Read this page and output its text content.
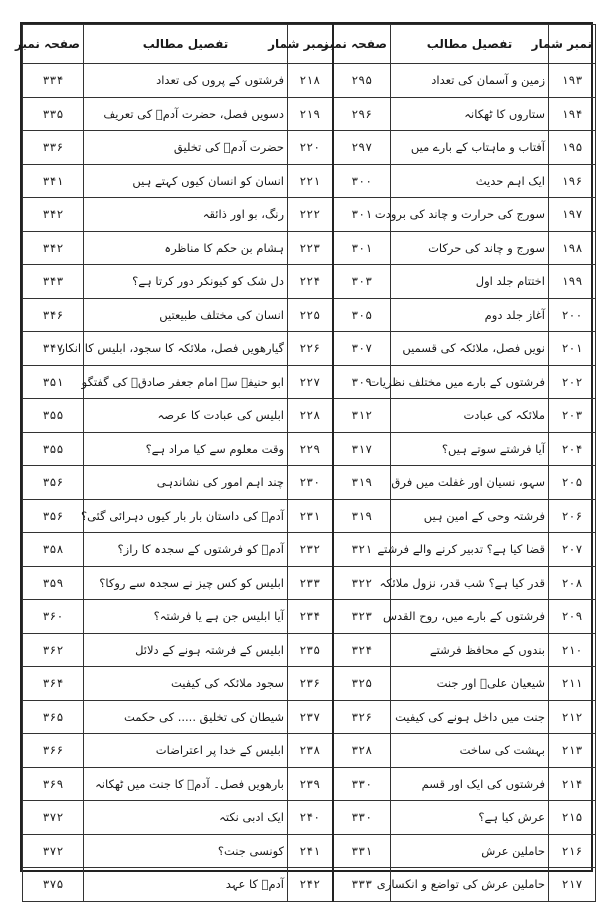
نمبر شمار	تفصیل مطالب	صفحہ نمبر	نمبر شمار	تفصیل مطالب	صفحہ نمبر
۱۹۳	زمین و آسمان کی تعداد	۲۹۵	۲۱۸	فرشتوں کے پروں کی تعداد	۳۳۴
۱۹۴	ستاروں کا ٹھکانہ	۲۹۶	۲۱۹	دسویں فصل، حضرت آدمؑ کی تعریف	۳۳۵
۱۹۵	آفتاب و ماہتاب کے بارے میں	۲۹۷	۲۲۰	حضرت آدمؑ کی تخلیق	۳۳۶
۱۹۶	ایک اہم حدیث	۳۰۰	۲۲۱	انسان کو انسان کیوں کہتے ہیں	۳۴۱
۱۹۷	سورج کی حرارت و چاند کی برودت	۳۰۱	۲۲۲	رنگ، بو اور ذائقہ	۳۴۲
۱۹۸	سورج و چاند کی حرکات	۳۰۱	۲۲۳	ہشام بن حکم کا مناظرہ	۳۴۲
۱۹۹	اختتام جلد اول	۳۰۳	۲۲۴	دل شک کو کیونکر دور کرتا ہے؟	۳۴۳
۲۰۰	آغاز جلد دوم	۳۰۵	۲۲۵	انسان کی مختلف طبیعتیں	۳۴۶
۲۰۱	نویں فصل، ملائکہ کی قسمیں	۳۰۷	۲۲۶	گیارھویں فصل، ملائکہ کا سجود، ابلیس کا انکار	۳۴۷
۲۰۲	فرشتوں کے بارے میں مختلف نظریات	۳۰۹	۲۲۷	ابو حنیفہ سے امام جعفر صادقؑ کی گفتگو	۳۵۱
۲۰۳	ملائکہ کی عبادت	۳۱۲	۲۲۸	ابلیس کی عبادت کا عرصہ	۳۵۵
۲۰۴	آیا فرشتے سوتے ہیں؟	۳۱۷	۲۲۹	وقت معلوم سے کیا مراد ہے؟	۳۵۵
۲۰۵	سہو، نسیان اور غفلت میں فرق	۳۱۹	۲۳۰	چند اہم امور کی نشاندہی	۳۵۶
۲۰۶	فرشتہ وحی کے امین ہیں	۳۱۹	۲۳۱	آدمؑ کی داستان بار بار کیوں دہرائی گئی؟	۳۵۶
۲۰۷	قضا کیا ہے؟ تدبیر کرنے والے فرشتے	۳۲۱	۲۳۲	آدمؑ کو فرشتوں کے سجدہ کا راز؟	۳۵۸
۲۰۸	قدر کیا ہے؟ شب قدر، نزول ملائکہ	۳۲۲	۲۳۳	ابلیس کو کس چیز نے سجدہ سے روکا؟	۳۵۹
۲۰۹	فرشتوں کے بارے میں، روح القدس	۳۲۳	۲۳۴	آیا ابلیس جن ہے یا فرشتہ؟	۳۶۰
۲۱۰	بندوں کے محافظ فرشتے	۳۲۴	۲۳۵	ابلیس کے فرشتہ ہونے کے دلائل	۳۶۲
۲۱۱	شیعیان علیؑ اور جنت	۳۲۵	۲۳۶	سجود ملائکہ کی کیفیت	۳۶۴
۲۱۲	جنت میں داخل ہونے کی کیفیت	۳۲۶	۲۳۷	شیطان کی تخلیق ..... کی حکمت	۳۶۵
۲۱۳	بہشت کی ساخت	۳۲۸	۲۳۸	ابلیس کے خدا پر اعتراضات	۳۶۶
۲۱۴	فرشتوں کی ایک اور قسم	۳۳۰	۲۳۹	بارھویں فصل۔ آدمؑ کا جنت میں ٹھکانہ	۳۶۹
۲۱۵	عرش کیا ہے؟	۳۳۰	۲۴۰	ایک ادبی نکتہ	۳۷۲
۲۱۶	حاملین عرش	۳۳۱	۲۴۱	کونسی جنت؟	۳۷۲
۲۱۷	حاملین عرش کی تواضع و انکساری	۳۳۳	۲۴۲	آدمؑ کا عہد	۳۷۵
